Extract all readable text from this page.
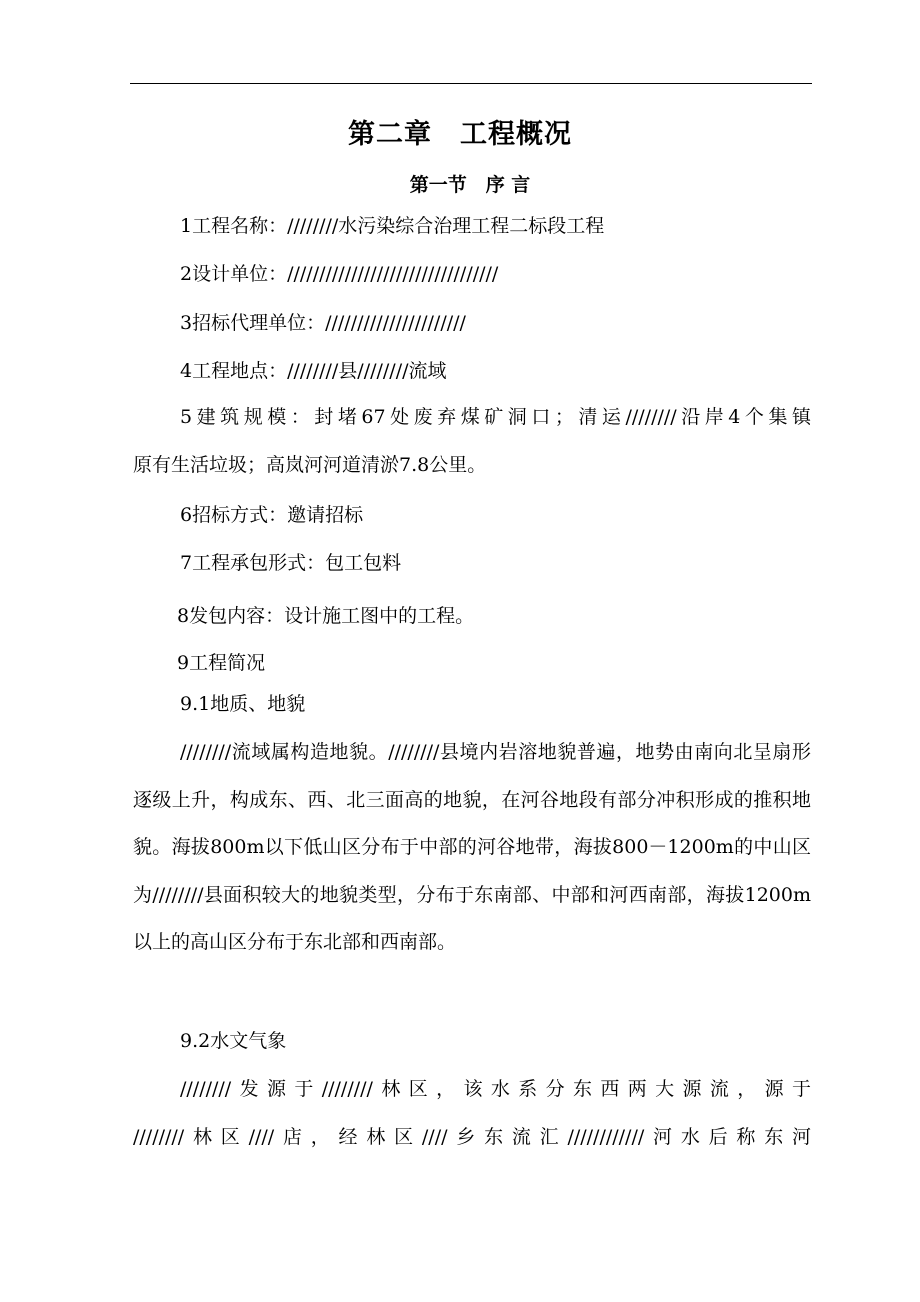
第二章　工程概况
第一节　序 言
1工程名称：////////水污染综合治理工程二标段工程
2设计单位：/////////////////////////////////
3招标代理单位：//////////////////////
4工程地点：////////县////////流域
5建筑规模：封堵67处废弃煤矿洞口；清运////////沿岸4个集镇
原有生活垃圾；高岚河河道清淤7.8公里。
6招标方式：邀请招标
7工程承包形式：包工包料
8发包内容：设计施工图中的工程。
9工程简况
9.1地质、地貌
////////流域属构造地貌。////////县境内岩溶地貌普遍，地势由南向北呈扇形逐级上升，构成东、西、北三面高的地貌，在河谷地段有部分冲积形成的推积地貌。海拔800m以下低山区分布于中部的河谷地带，海拔800－1200m的中山区为////////县面积较大的地貌类型，分布于东南部、中部和河西南部，海拔1200m以上的高山区分布于东北部和西南部。
9.2水文气象
////////发源于////////林区，该水系分东西两大源流，源于
////////林区////店，经林区////乡东流汇////////////河水后称东河
